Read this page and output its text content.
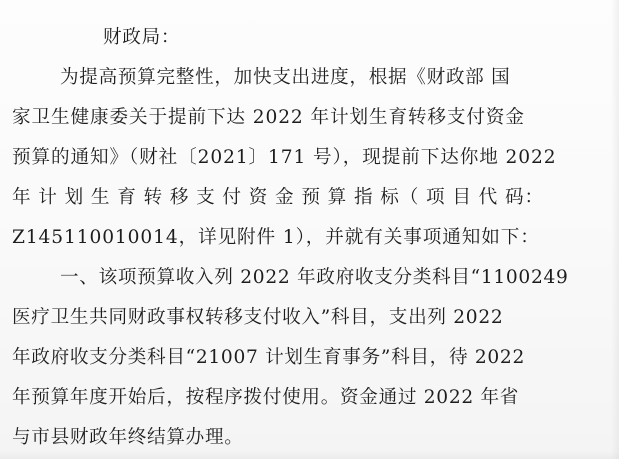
财政局：
为提高预算完整性，加快支出进度，根据《财政部 国
家卫生健康委关于提前下达 2022 年计划生育转移支付资金
预算的通知》（财社〔2021〕171 号），现提前下达你地 2022
年 计 划 生 育 转 移 支 付 资 金 预 算 指 标（ 项 目 代 码：
Z145110010014，详见附件 1），并就有关事项通知如下：
一、该项预算收入列 2022 年政府收支分类科目“1100249
医疗卫生共同财政事权转移支付收入”科目，支出列 2022
年政府收支分类科目“21007 计划生育事务”科目，待 2022
年预算年度开始后，按程序拨付使用。资金通过 2022 年省
与市县财政年终结算办理。
